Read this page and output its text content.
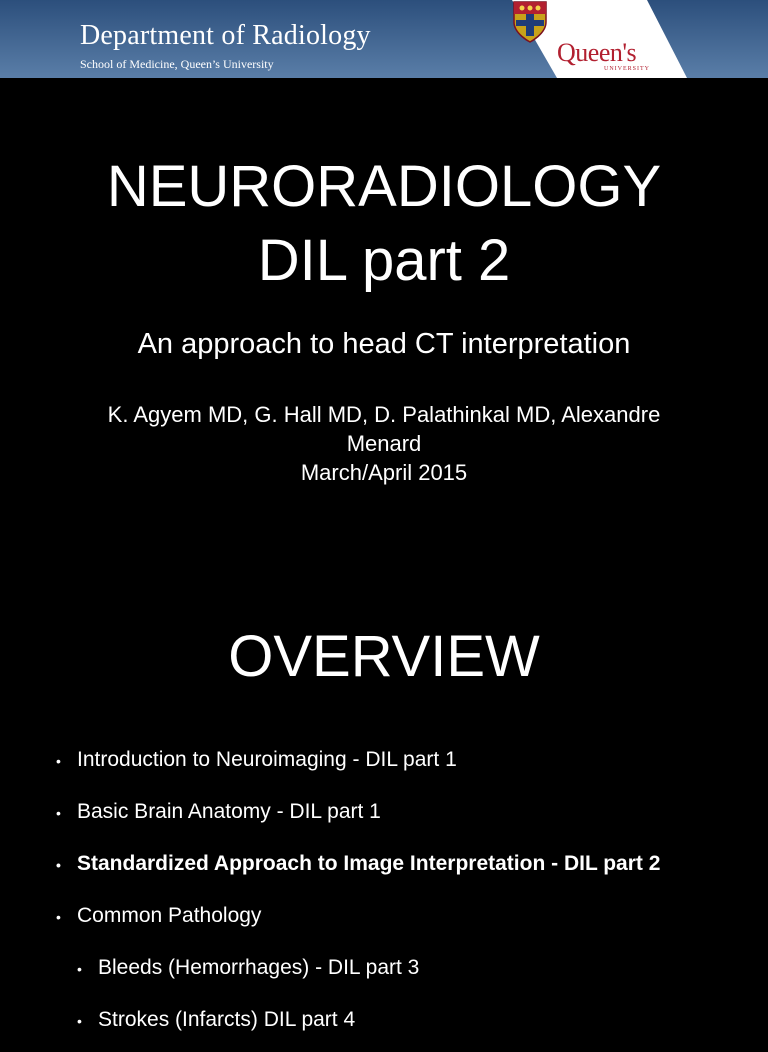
Department of Radiology
School of Medicine, Queen’s University	Queen's
UNIVERSITY
NEURORADIOLOGY
DIL part 2
An approach to head CT interpretation
K. Agyem MD, G. Hall MD, D. Palathinkal MD, Alexandre Menard
March/April 2015
OVERVIEW
• Introduction to Neuroimaging - DIL part 1
• Basic Brain Anatomy - DIL part 1
• Standardized Approach to Image Interpretation - DIL part 2
• Common Pathology
• Bleeds (Hemorrhages) - DIL part 3
• Strokes (Infarcts) DIL part 4
